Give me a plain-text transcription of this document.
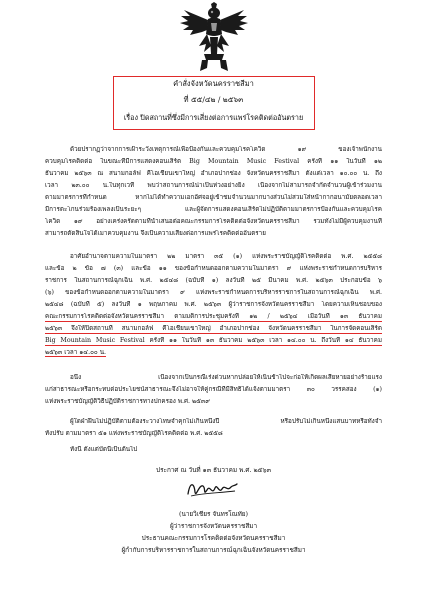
คำสั่งจังหวัดนครราชสีมา
ที่ ๕๕/๔๒ / ๒๕๖๓
เรื่อง ปิดสถานที่ซึ่งมีการเสี่ยงต่อการแพร่โรคติดต่ออันตราย
ด้วยปรากฏว่าจากการเฝ้าระวังเหตุการณ์เพื่อป้องกันและควบคุมโรคโควิด ๑๙ ของเจ้าพนักงาน
ควบคุมโรคติดต่อ ในขณะที่มีการแสดงคอนเสิร์ต Big Mountain Music Festival ครั้งที่ ๑๑ ในวันที่ ๑๒
ธันวาคม ๒๕๖๓ ณ สนามกอล์ฟ คีโอเชี่ยนเขาใหญ่ อำเภอปากช่อง จังหวัดนครราชสีมา ตั้งแต่เวลา ๑๐.๐๐ น. ถึง
เวลา ๒๓.๐๐ น.ในทุกเวที พบว่าสถานการณ์น่าเป็นห่วงอย่างยิ่ง เนื่องจากไม่สามารถจำกัดจำนวนผู้เข้าร่วมงาน
ตามมาตรการที่กำหนด หากไม่ได้ทำความเอกอัศจอยู่เข้าชมจำนวนมากบางส่วนไม่สวมใส่หน้ากากอนามัยตลอดเวลา
มีการตะโกนร่วมร้องเพลงเป็นระยะๆ และผู้จัดการแสดงคอนเสิร์ตไม่ปฏิบัติตามมาตรการป้องกันและควบคุมโรค
โควิด ๑๙ อย่างเคร่งครัดตามที่นำเสนอต่อคณะกรรมการโรคติดต่อจังหวัดนครราชสีมา รวมทั้งไม่มีผู้ควบคุมงานที่
สามารถตัดสินใจได้เมาควบคุมงาน จึงเป็นความเสี่ยงต่อการแพร่โรคติดต่ออันตราย
อาศัยอำนาจตามความในมาตรา ๒๒ มาตรา ๓๕ (๑) แห่งพระราชบัญญัติโรคติดต่อ พ.ศ. ๒๕๕๘
และข้อ ๒ ข้อ ๗ (๓) และข้อ ๑๑ ของข้อกำหนดออกตามความในมาตรา ๙ แห่งพระราชกำหนดการบริหาร
ราชการ ในสถานการณ์ฉุกเฉิน พ.ศ. ๒๕๔๘ (ฉบับที่ ๑) ลงวันที่ ๒๕ มีนาคม พ.ศ. ๒๕๖๓ ประกอบข้อ ๖
(๖) ของข้อกำหนดออกตามความในมาตรา ๙ แห่งพระราชกำหนดการบริหารราชการในสถานการณ์ฉุกเฉิน พ.ศ.
๒๕๔๘ (ฉบับที่ ๕) ลงวันที่ ๑ พฤษภาคม พ.ศ. ๒๕๖๓ ผู้ว่าราชการจังหวัดนครราชสีมา โดยความเห็นชอบของ
คณะกรรมการโรคติดต่อจังหวัดนครราชสีมา ตามมติการประชุมครั้งที่ ๑๒ / ๒๕๖๔ เมื่อวันที่ ๑๓ ธันวาคม
๒๕๖๓ จึงให้ปิดสถานที่ สนามกอล์ฟ คีโอเชี่ยนเขาใหญ่ อำเภอปากช่อง จังหวัดนครราชสีมา ในการจัดคอนเสิร์ต
Big Mountain Music Festival ครั้งที่ ๑๑ ในวันที่ ๑๓ ธันวาคม ๒๕๖๓ เวลา ๑๔.๐๐ น. ถึงวันที่ ๑๔ ธันวาคม
๒๕๖๓ เวลา ๑๔.๐๐ น.
อนึ่ง เนื่องจากเป็นกรณีเร่งด่วนหากปล่อยให้เนิ่นช้าไปจะก่อให้เกิดผลเสียหายอย่างร้ายแรง
แก่สาธารณะหรือกระทบต่อประโยชน์สาธารณะจึงไม่อาจให้คู่กรณีที่มีสิทธิ์ได้แจ้งตามมาตรา ๓๐ วรรคสอง (๑)
แห่งพระราชบัญญัติวิธีปฏิบัติราชการทางปกครอง พ.ศ. ๒๕๓๙
ผู้ใดฝ่าฝืนไม่ปฏิบัติตามต้องระวางโทษจำคุกไม่เกินหนึ่งปี หรือปรับไม่เกินหนึ่งแสนบาทหรือทั้งจำ
ทั้งปรับ ตามมาตรา ๕๑ แห่งพระราชบัญญัติโรคติดต่อ พ.ศ. ๒๕๕๘
ทั้งนี้ ตั้งแต่บัดนี้เป็นต้นไป
ประกาศ ณ วันที่ ๑๓ ธันวาคม พ.ศ. ๒๕๖๓
(นายวิเชียร จันทรโณทัย)
ผู้ว่าราชการจังหวัดนครราชสีมา
ประธานคณะกรรมการโรคติดต่อจังหวัดนครราชสีมา
ผู้กำกับการบริหารราชการในสถานการณ์ฉุกเฉินจังหวัดนครราชสีมา
